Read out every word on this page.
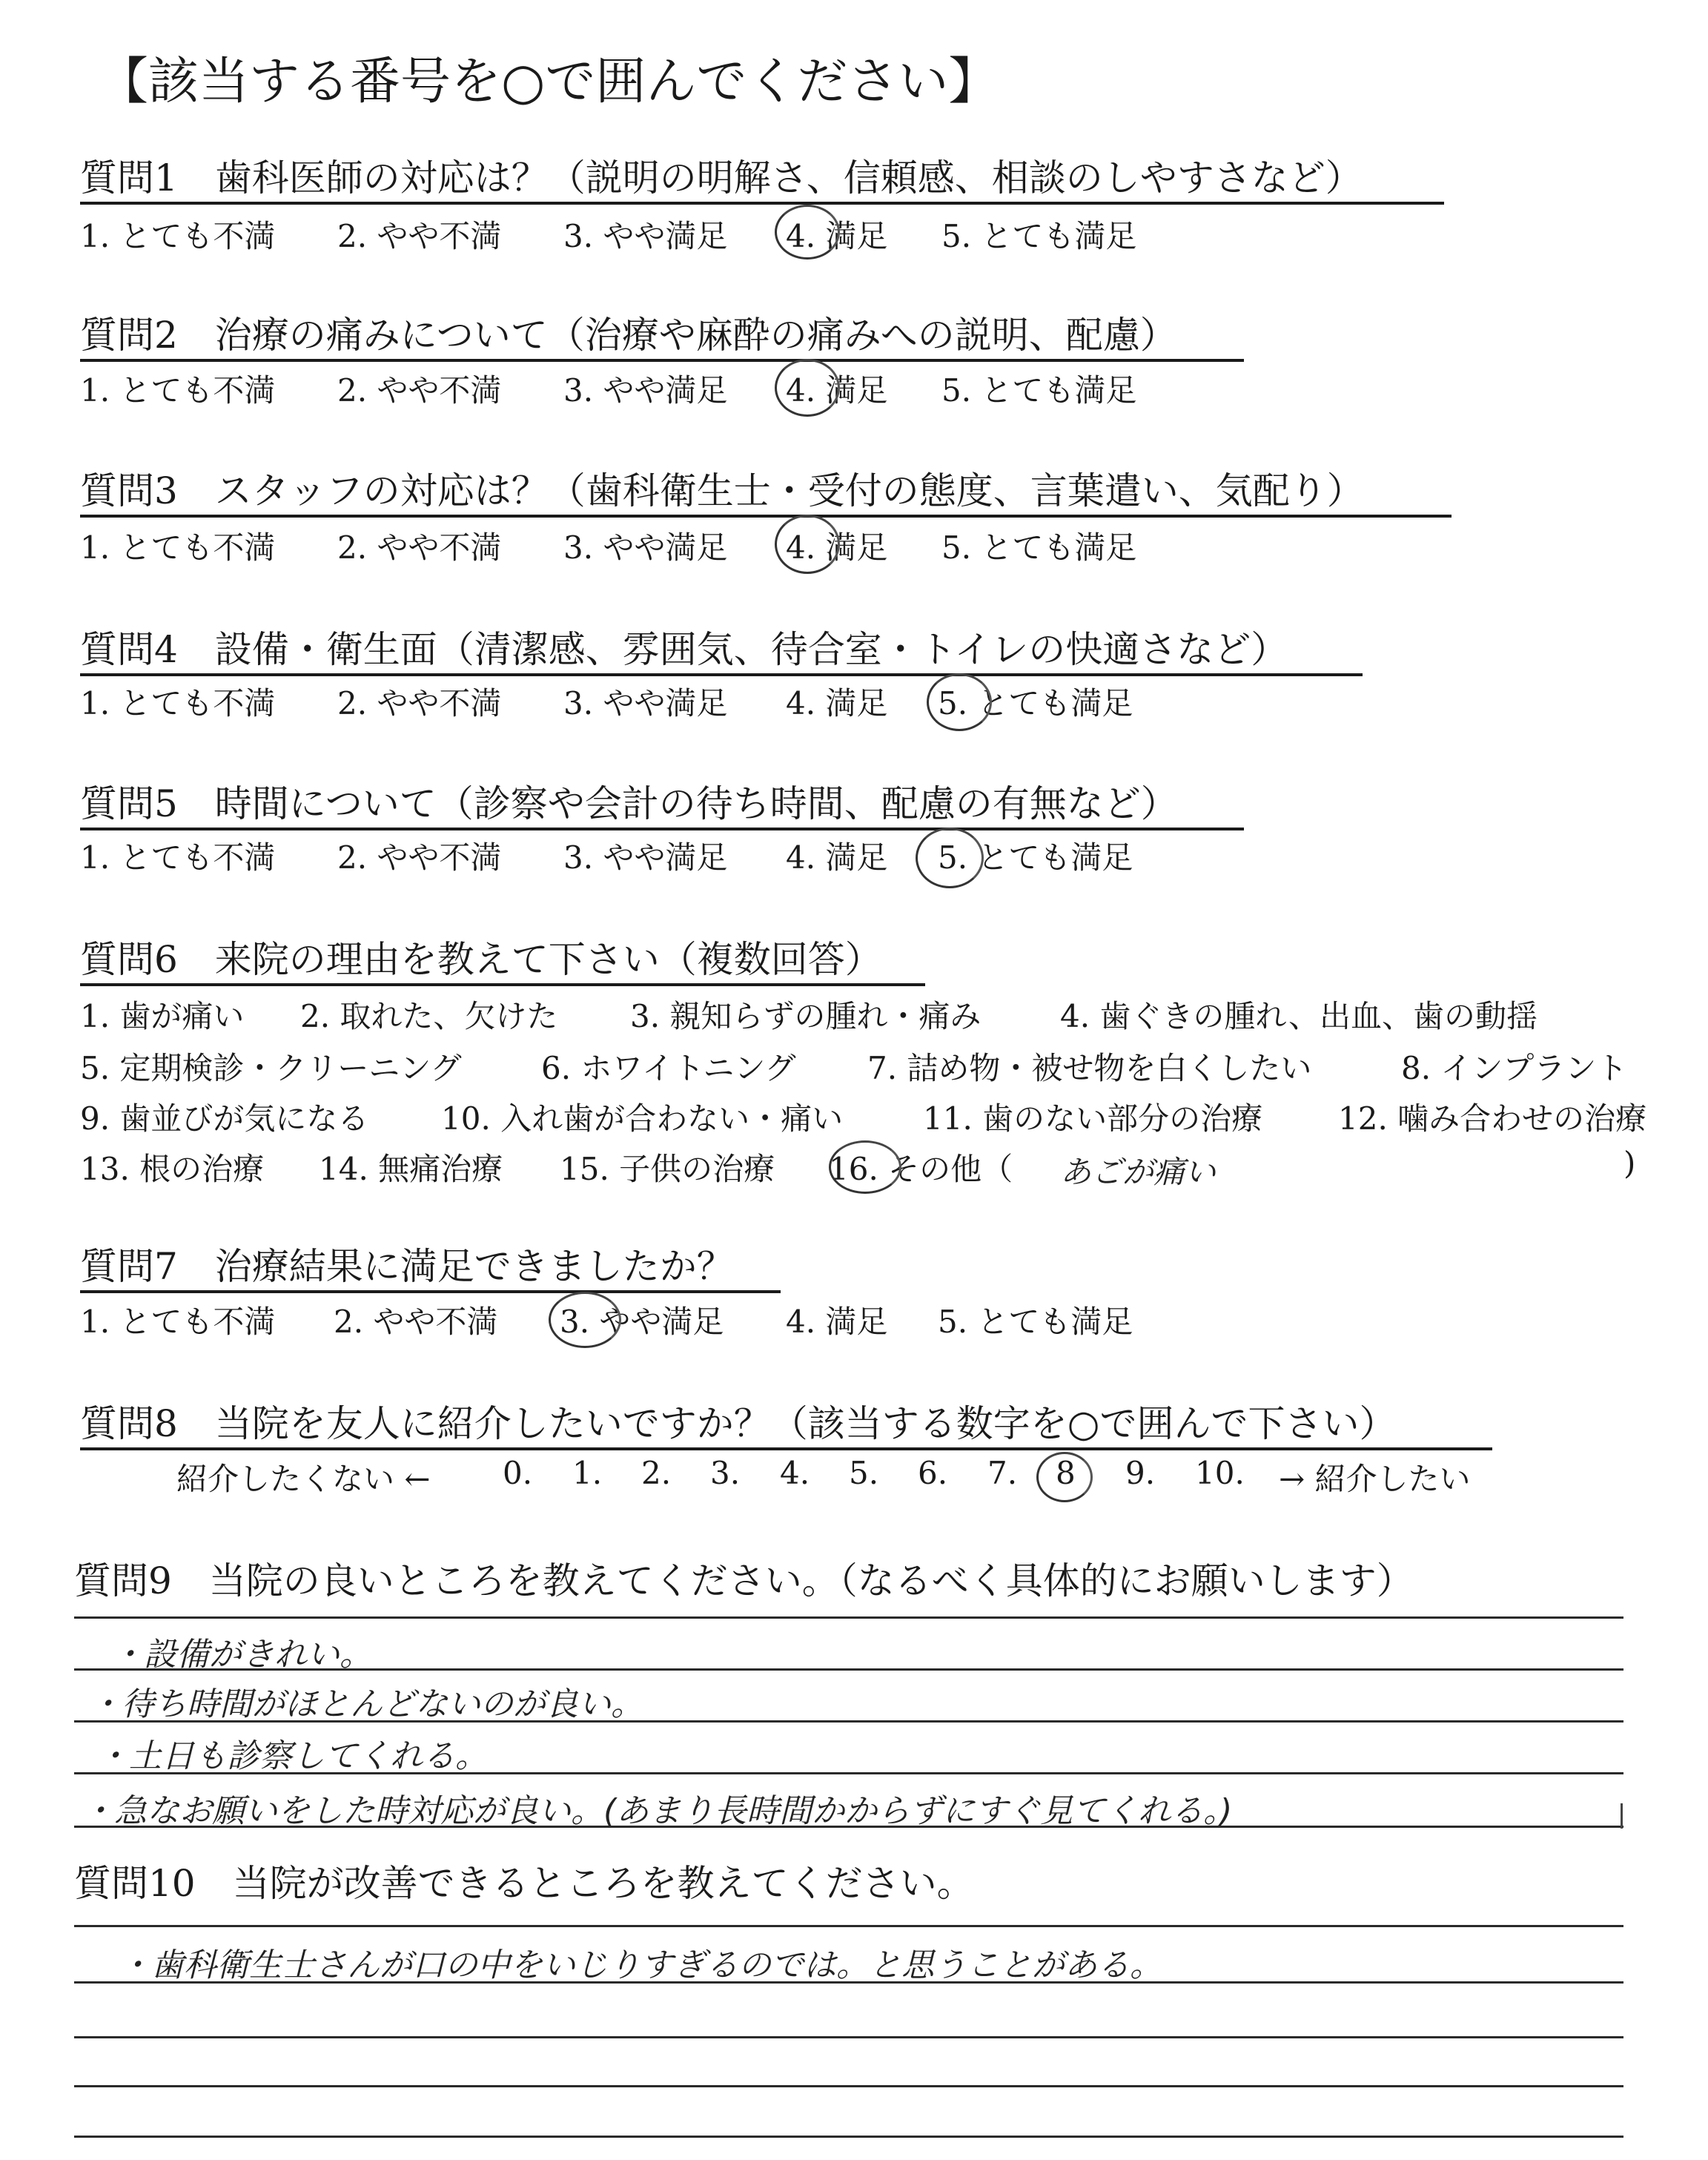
【該当する番号を○で囲んでください】
質問1　歯科医師の対応は？（説明の明解さ、信頼感、相談のしやすさなど）
1. とても不満 2. やや不満 3. やや満足 4. 満足 5. とても満足
質問2　治療の痛みについて（治療や麻酔の痛みへの説明、配慮）
1. とても不満 2. やや不満 3. やや満足 4. 満足 5. とても満足
質問3　スタッフの対応は？（歯科衛生士・受付の態度、言葉遣い、気配り）
1. とても不満 2. やや不満 3. やや満足 4. 満足 5. とても満足
質問4　設備・衛生面（清潔感、雰囲気、待合室・トイレの快適さなど）
1. とても不満 2. やや不満 3. やや満足 4. 満足 5. とても満足
質問5　時間について（診察や会計の待ち時間、配慮の有無など）
1. とても不満 2. やや不満 3. やや満足 4. 満足 5. とても満足
質問6　来院の理由を教えて下さい（複数回答）
1. 歯が痛い 2. 取れた、欠けた 3. 親知らずの腫れ・痛み	4. 歯ぐきの腫れ、出血、歯の動揺
5. 定期検診・クリーニング	6. ホワイトニング 7. 詰め物・被せ物を白くしたい	8. インプラント
9. 歯並びが気になる 10. 入れ歯が合わない・痛い	11. 歯のない部分の治療 12. 噛み合わせの治療
13. 根の治療 14. 無痛治療 15. 子供の治療 16. その他（ あごが痛い	)
質問7　治療結果に満足できましたか？
1. とても不満 2. やや不満 3. やや満足 4. 満足 5. とても満足
質問8　当院を友人に紹介したいですか？（該当する数字を○で囲んで下さい）
紹介したくない ← 0. 1. 2. 3. 4. 5. 6. 7. 8 9. 10. → 紹介したい
質問9　当院の良いところを教えてください。（なるべく具体的にお願いします）
・設備がきれい。
・待ち時間がほとんどないのが良い。
・土日も診察してくれる。
・急なお願いをした時対応が良い。(あまり長時間かからずにすぐ見てくれる。)
質問10　当院が改善できるところを教えてください。
・歯科衛生士さんが口の中をいじりすぎるのでは。と思うことがある。
